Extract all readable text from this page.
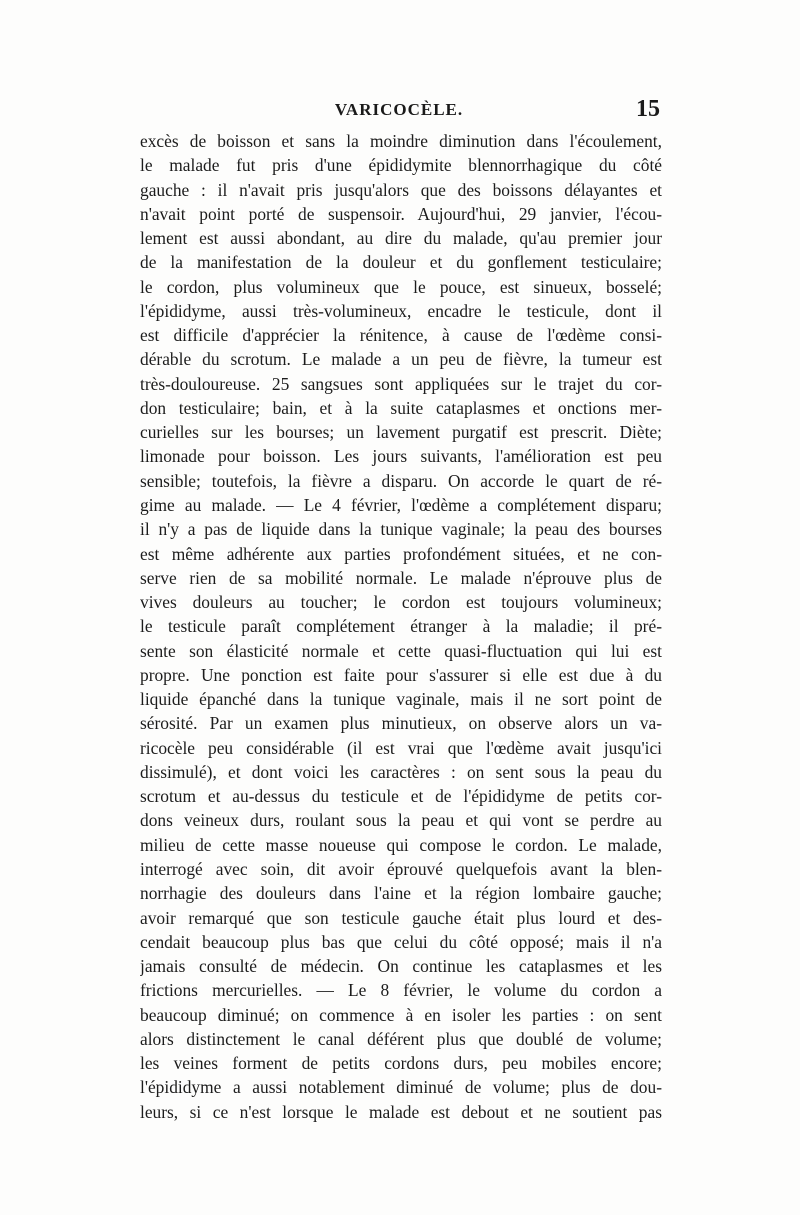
VARICOCÈLE.	15
excès de boisson et sans la moindre diminution dans l'écoulement,
le malade fut pris d'une épididymite blennorrhagique du côté
gauche : il n'avait pris jusqu'alors que des boissons délayantes et
n'avait point porté de suspensoir. Aujourd'hui, 29 janvier, l'écou-
lement est aussi abondant, au dire du malade, qu'au premier jour
de la manifestation de la douleur et du gonflement testiculaire;
le cordon, plus volumineux que le pouce, est sinueux, bosselé;
l'épididyme, aussi très-volumineux, encadre le testicule, dont il
est difficile d'apprécier la rénitence, à cause de l'œdème consi-
dérable du scrotum. Le malade a un peu de fièvre, la tumeur est
très-douloureuse. 25 sangsues sont appliquées sur le trajet du cor-
don testiculaire; bain, et à la suite cataplasmes et onctions mer-
curielles sur les bourses; un lavement purgatif est prescrit. Diète;
limonade pour boisson. Les jours suivants, l'amélioration est peu
sensible; toutefois, la fièvre a disparu. On accorde le quart de ré-
gime au malade. — Le 4 février, l'œdème a complétement disparu;
il n'y a pas de liquide dans la tunique vaginale; la peau des bourses
est même adhérente aux parties profondément situées, et ne con-
serve rien de sa mobilité normale. Le malade n'éprouve plus de
vives douleurs au toucher; le cordon est toujours volumineux;
le testicule paraît complétement étranger à la maladie; il pré-
sente son élasticité normale et cette quasi-fluctuation qui lui est
propre. Une ponction est faite pour s'assurer si elle est due à du
liquide épanché dans la tunique vaginale, mais il ne sort point de
sérosité. Par un examen plus minutieux, on observe alors un va-
ricocèle peu considérable (il est vrai que l'œdème avait jusqu'ici
dissimulé), et dont voici les caractères : on sent sous la peau du
scrotum et au-dessus du testicule et de l'épididyme de petits cor-
dons veineux durs, roulant sous la peau et qui vont se perdre au
milieu de cette masse noueuse qui compose le cordon. Le malade,
interrogé avec soin, dit avoir éprouvé quelquefois avant la blen-
norrhagie des douleurs dans l'aine et la région lombaire gauche;
avoir remarqué que son testicule gauche était plus lourd et des-
cendait beaucoup plus bas que celui du côté opposé; mais il n'a
jamais consulté de médecin. On continue les cataplasmes et les
frictions mercurielles. — Le 8 février, le volume du cordon a
beaucoup diminué; on commence à en isoler les parties : on sent
alors distinctement le canal déférent plus que doublé de volume;
les veines forment de petits cordons durs, peu mobiles encore;
l'épididyme a aussi notablement diminué de volume; plus de dou-
leurs, si ce n'est lorsque le malade est debout et ne soutient pas
